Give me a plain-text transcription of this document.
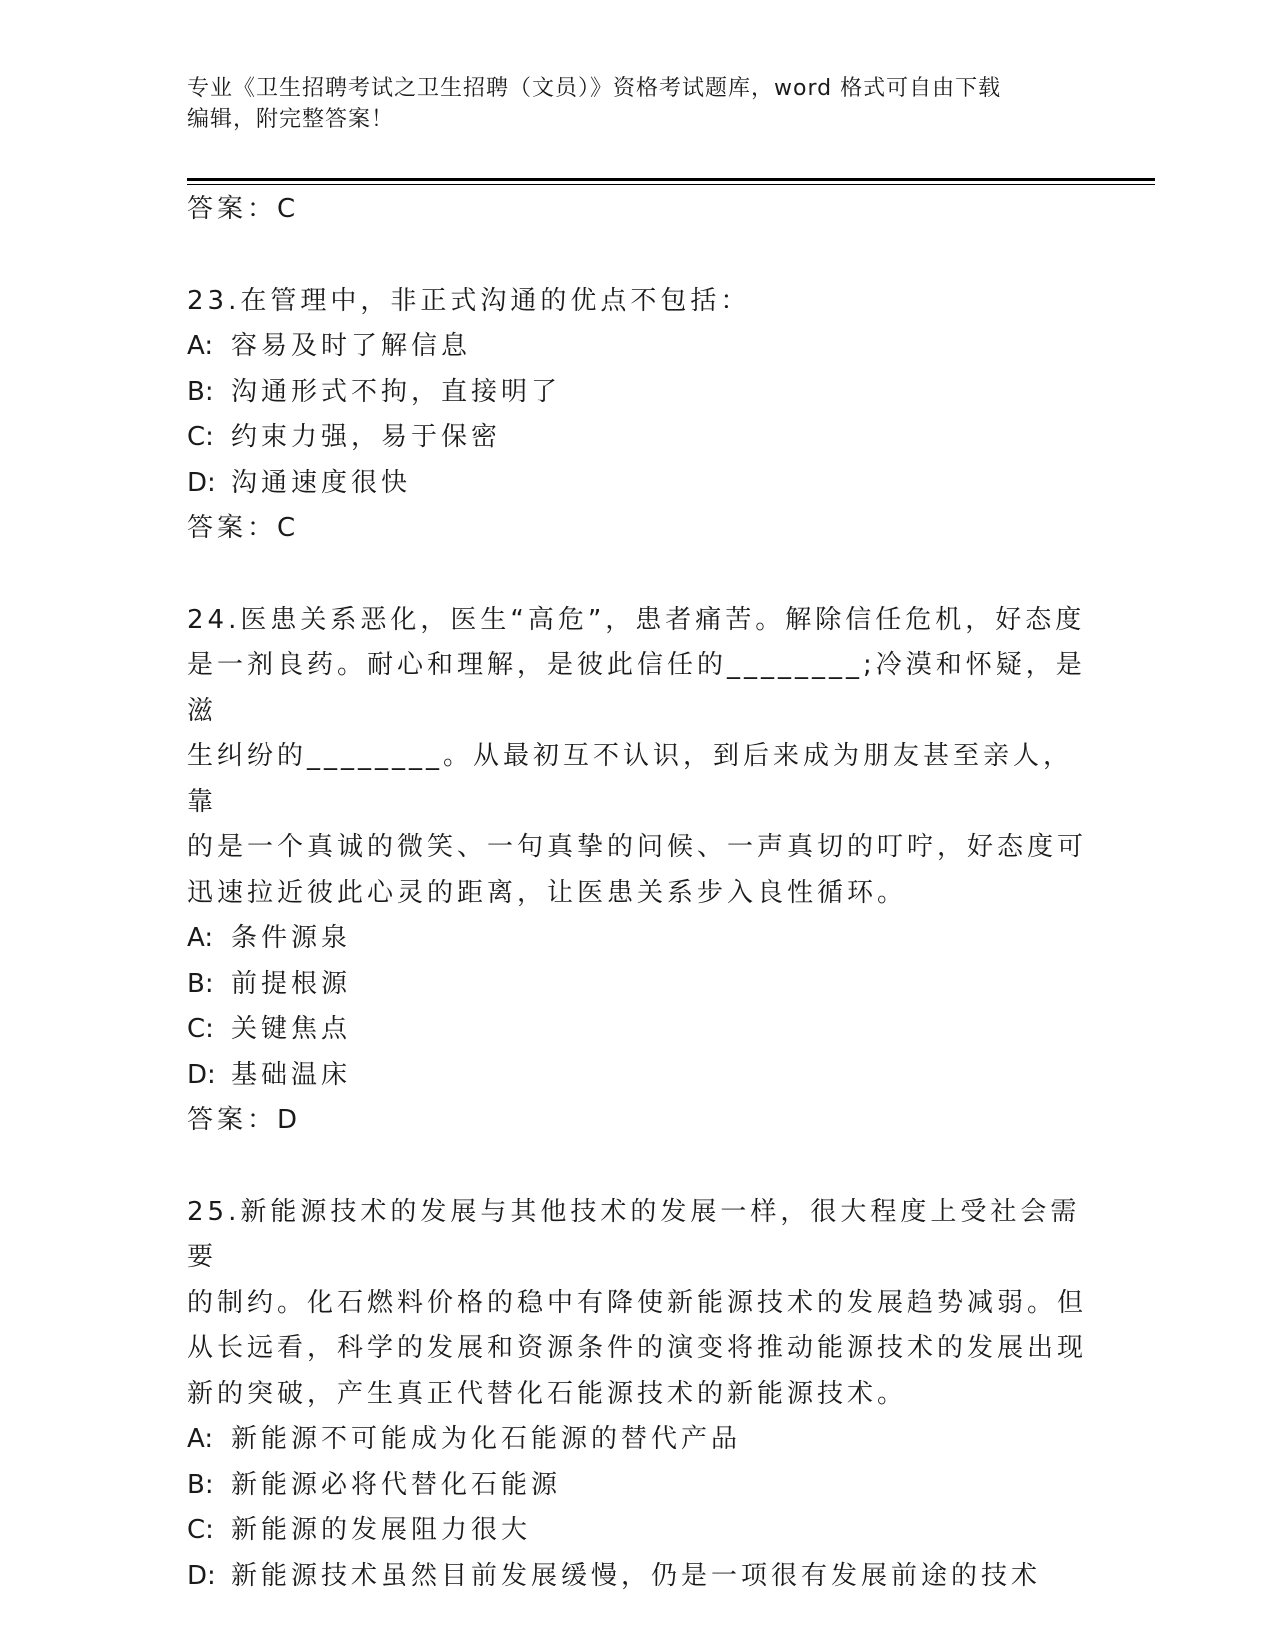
专业《卫生招聘考试之卫生招聘（文员）》资格考试题库，word 格式可自由下载
编辑，附完整答案！
答案：C
23.在管理中，非正式沟通的优点不包括：
A: 容易及时了解信息
B: 沟通形式不拘，直接明了
C: 约束力强，易于保密
D: 沟通速度很快
答案：C
24.医患关系恶化，医生“高危”，患者痛苦。解除信任危机，好态度
是一剂良药。耐心和理解，是彼此信任的________;冷漠和怀疑，是滋
生纠纷的________。从最初互不认识，到后来成为朋友甚至亲人，靠
的是一个真诚的微笑、一句真挚的问候、一声真切的叮咛，好态度可
迅速拉近彼此心灵的距离，让医患关系步入良性循环。
A: 条件源泉
B: 前提根源
C: 关键焦点
D: 基础温床
答案：D
25.新能源技术的发展与其他技术的发展一样，很大程度上受社会需要
的制约。化石燃料价格的稳中有降使新能源技术的发展趋势减弱。但
从长远看，科学的发展和资源条件的演变将推动能源技术的发展出现
新的突破，产生真正代替化石能源技术的新能源技术。
A: 新能源不可能成为化石能源的替代产品
B: 新能源必将代替化石能源
C: 新能源的发展阻力很大
D: 新能源技术虽然目前发展缓慢，仍是一项很有发展前途的技术
